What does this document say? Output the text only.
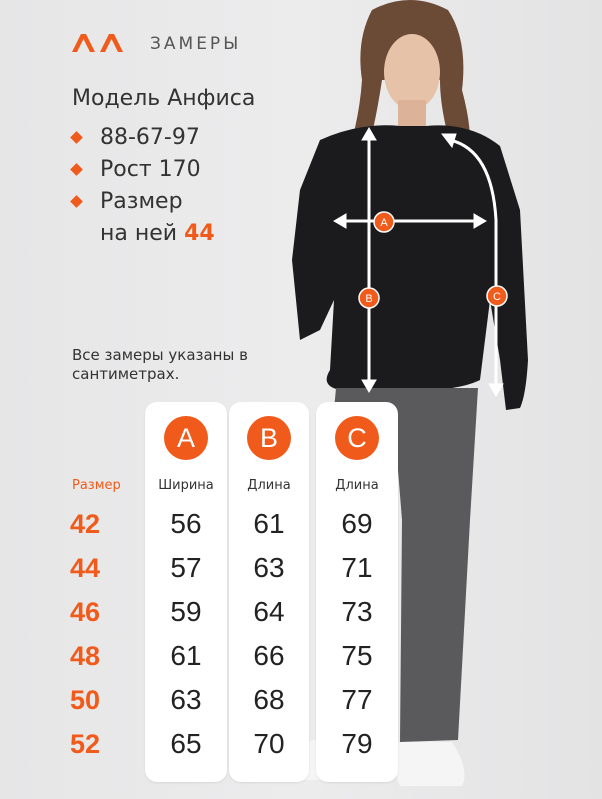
A
B	C
ЗАМЕРЫ
Модель Анфиса
88-67-97
Рост 170
Размер
на ней 44
Все замеры указаны в сантиметрах.
Размер
42
44
46
48
50
52
A
Ширина
56
57
59
61
63
65
B
Длина
61
63
64
66
68
70
C
Длина
69
71
73
75
77
79
